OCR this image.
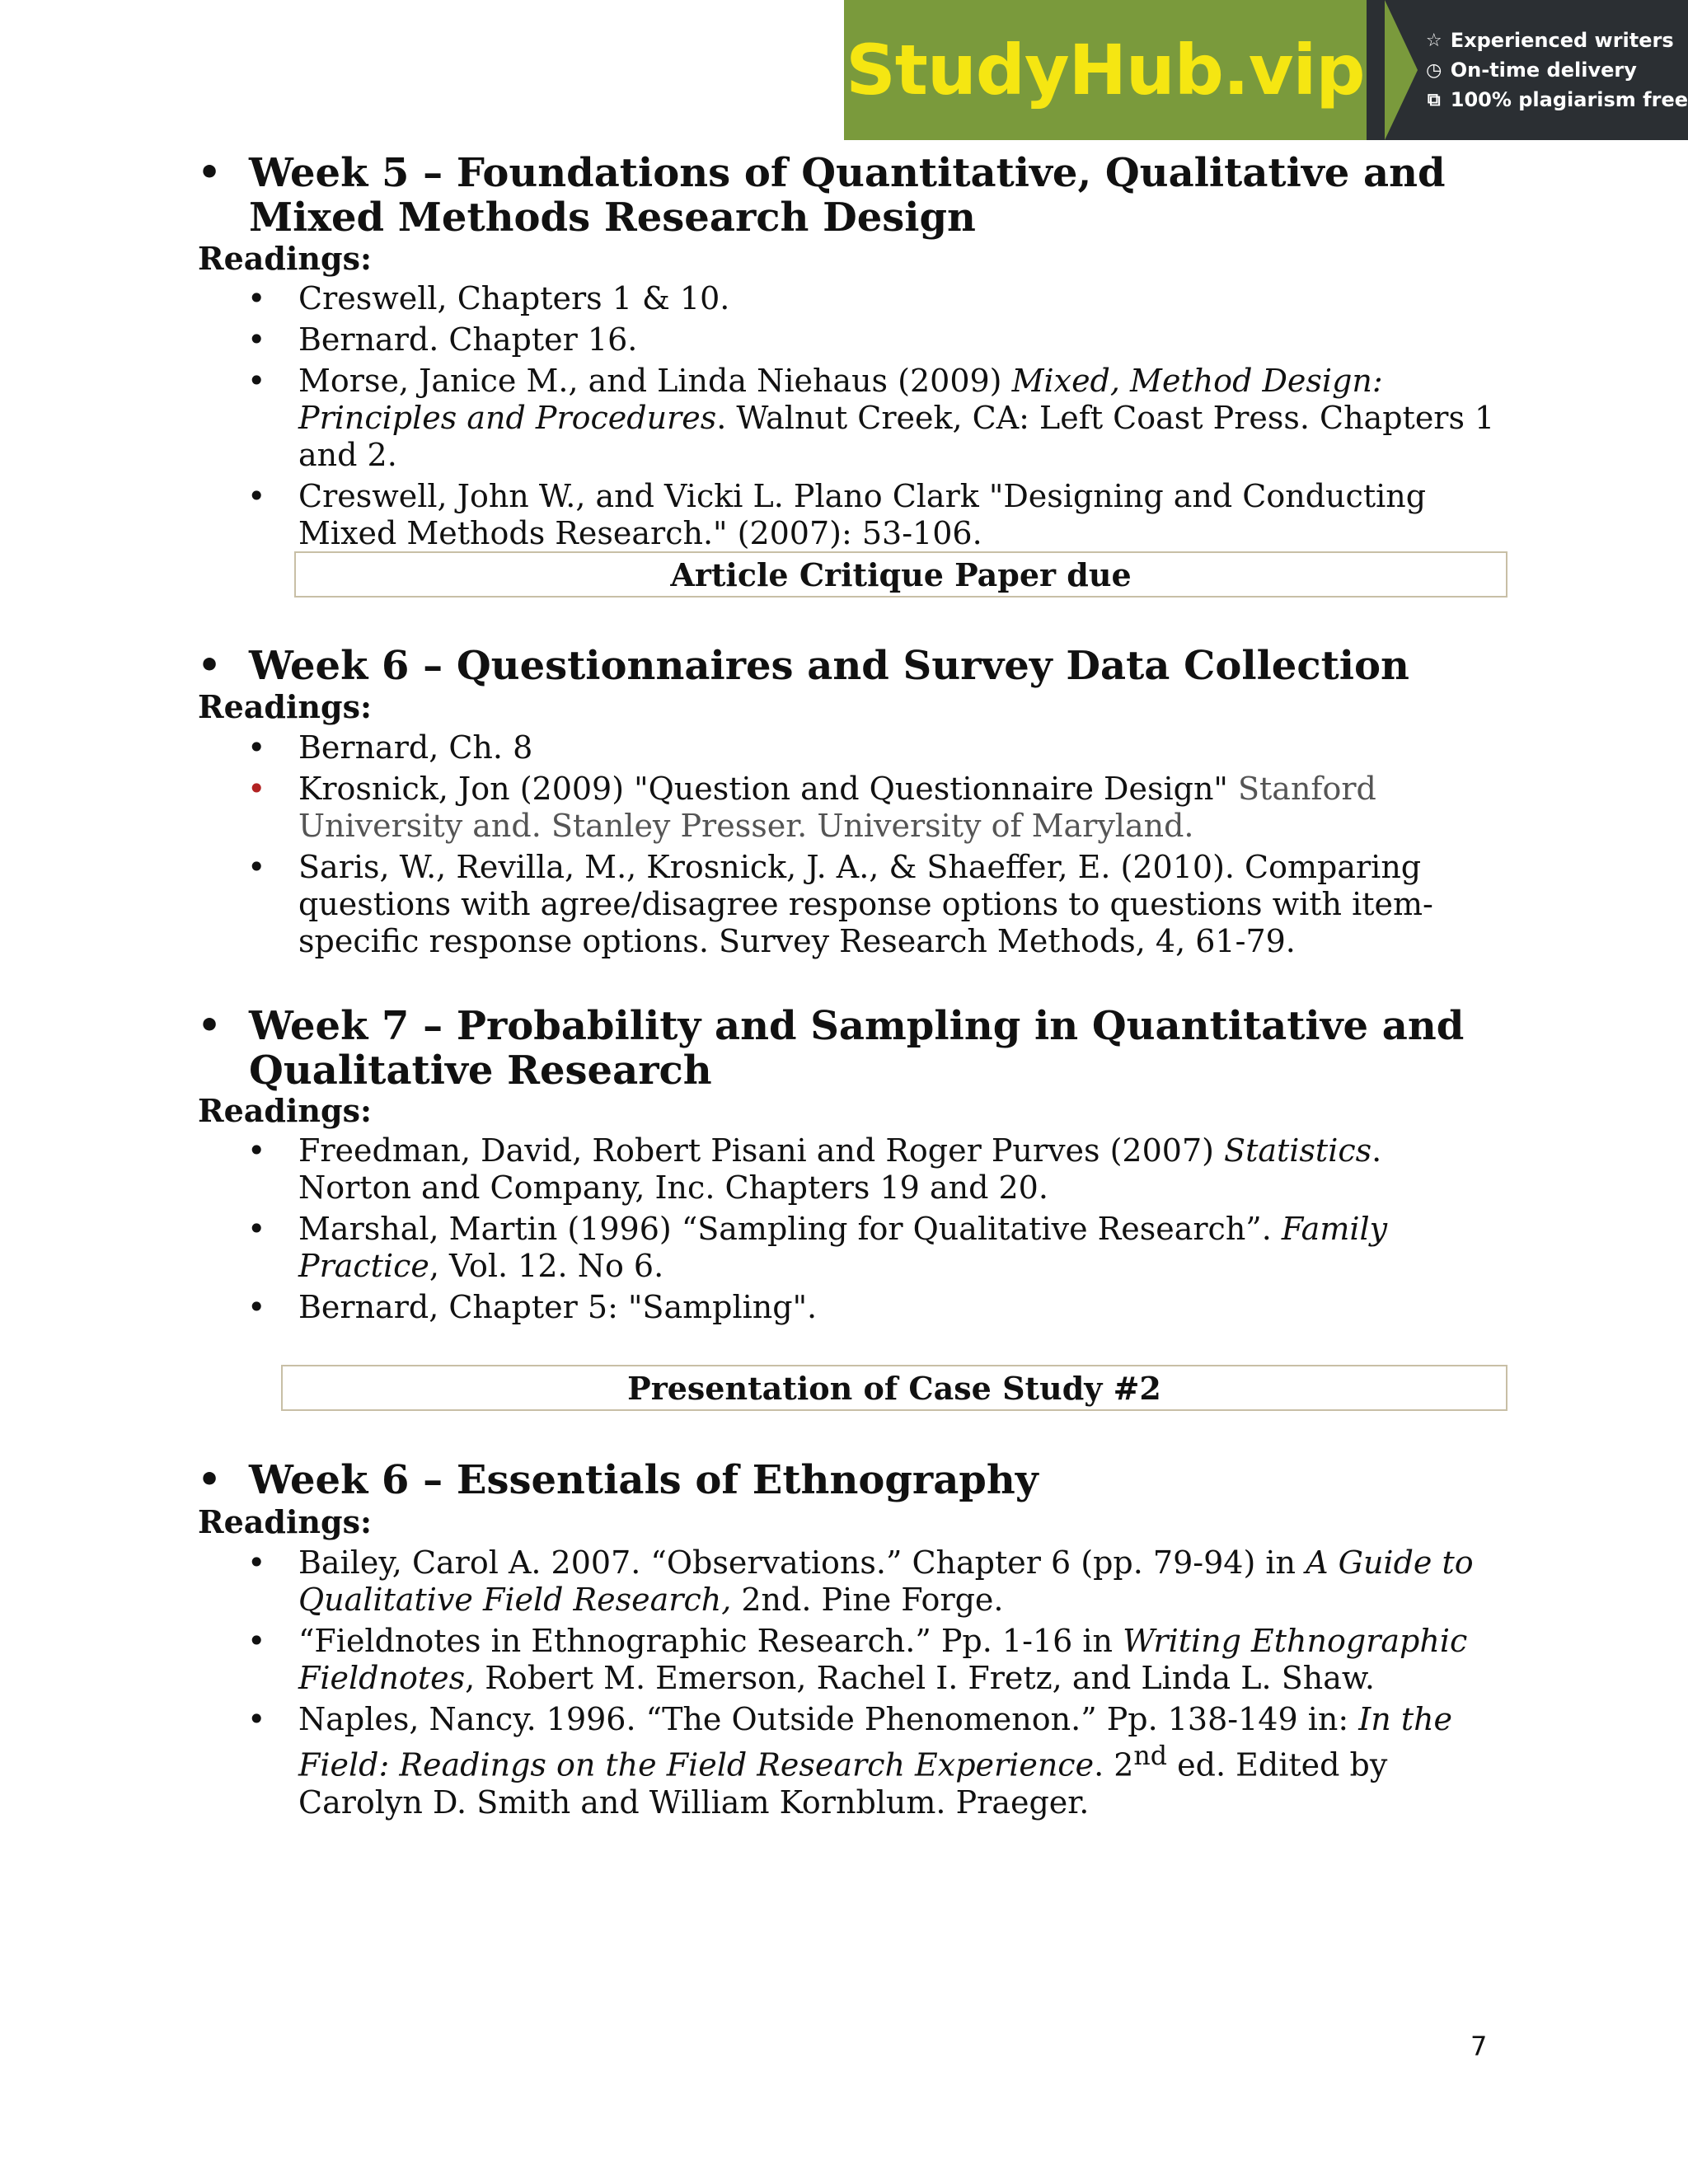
StudyHub.vip	☆ Experienced writers
◷ On-time delivery
⧉ 100% plagiarism free
• Week 5 – Foundations of Quantitative, Qualitative and Mixed Methods Research Design
Readings:
• Creswell, Chapters 1 & 10.
• Bernard. Chapter 16.
• Morse, Janice M., and Linda Niehaus (2009) Mixed, Method Design: Principles and Procedures. Walnut Creek, CA: Left Coast Press. Chapters 1 and 2.
• Creswell, John W., and Vicki L. Plano Clark "Designing and Conducting Mixed Methods Research." (2007): 53-106.
Article Critique Paper due
• Week 6 – Questionnaires and Survey Data Collection
Readings:
• Bernard, Ch. 8
• Krosnick, Jon (2009) "Question and Questionnaire Design" Stanford University and. Stanley Presser. University of Maryland.
• Saris, W., Revilla, M., Krosnick, J. A., & Shaeffer, E. (2010). Comparing questions with agree/disagree response options to questions with item-specific response options. Survey Research Methods, 4, 61-79.
• Week 7 – Probability and Sampling in Quantitative and Qualitative Research
Readings:
• Freedman, David, Robert Pisani and Roger Purves (2007) Statistics. Norton and Company, Inc. Chapters 19 and 20.
• Marshal, Martin (1996) “Sampling for Qualitative Research”. Family Practice, Vol. 12. No 6.
• Bernard, Chapter 5: "Sampling".
Presentation of Case Study #2
• Week 6 – Essentials of Ethnography
Readings:
• Bailey, Carol A. 2007. “Observations.” Chapter 6 (pp. 79-94) in A Guide to Qualitative Field Research, 2nd. Pine Forge.
• “Fieldnotes in Ethnographic Research.” Pp. 1-16 in Writing Ethnographic Fieldnotes, Robert M. Emerson, Rachel I. Fretz, and Linda L. Shaw.
• Naples, Nancy. 1996. “The Outside Phenomenon.” Pp. 138-149 in: In the Field: Readings on the Field Research Experience. 2nd ed. Edited by Carolyn D. Smith and William Kornblum. Praeger.
7
